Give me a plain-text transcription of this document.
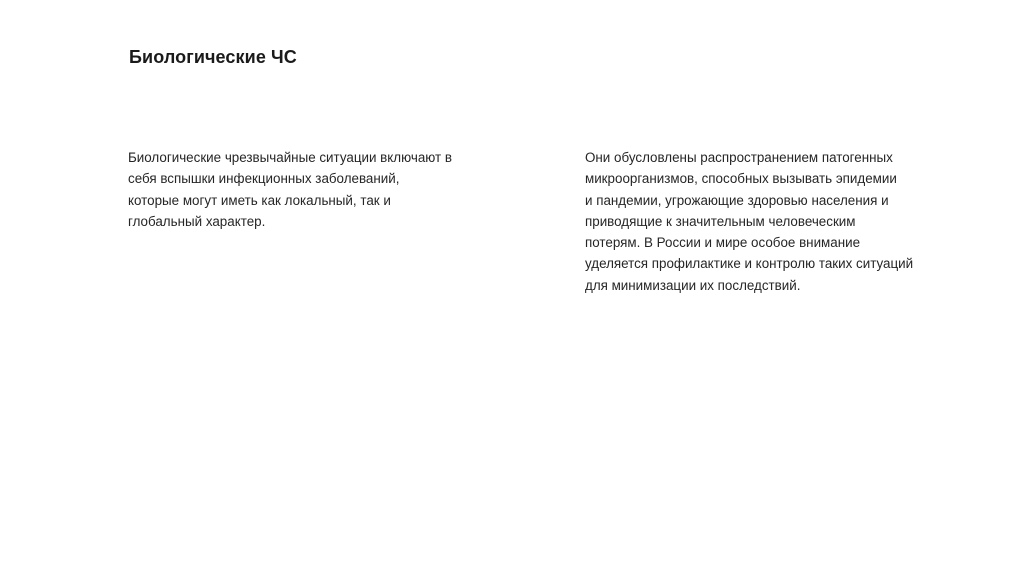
Биологические ЧС

Биологические чрезвычайные ситуации включают в
себя вспышки инфекционных заболеваний,
которые могут иметь как локальный, так и
глобальный характер.

Они обусловлены распространением патогенных
микроорганизмов, способных вызывать эпидемии
и пандемии, угрожающие здоровью населения и
приводящие к значительным человеческим
потерям. В России и мире особое внимание
уделяется профилактике и контролю таких ситуаций
для минимизации их последствий.
